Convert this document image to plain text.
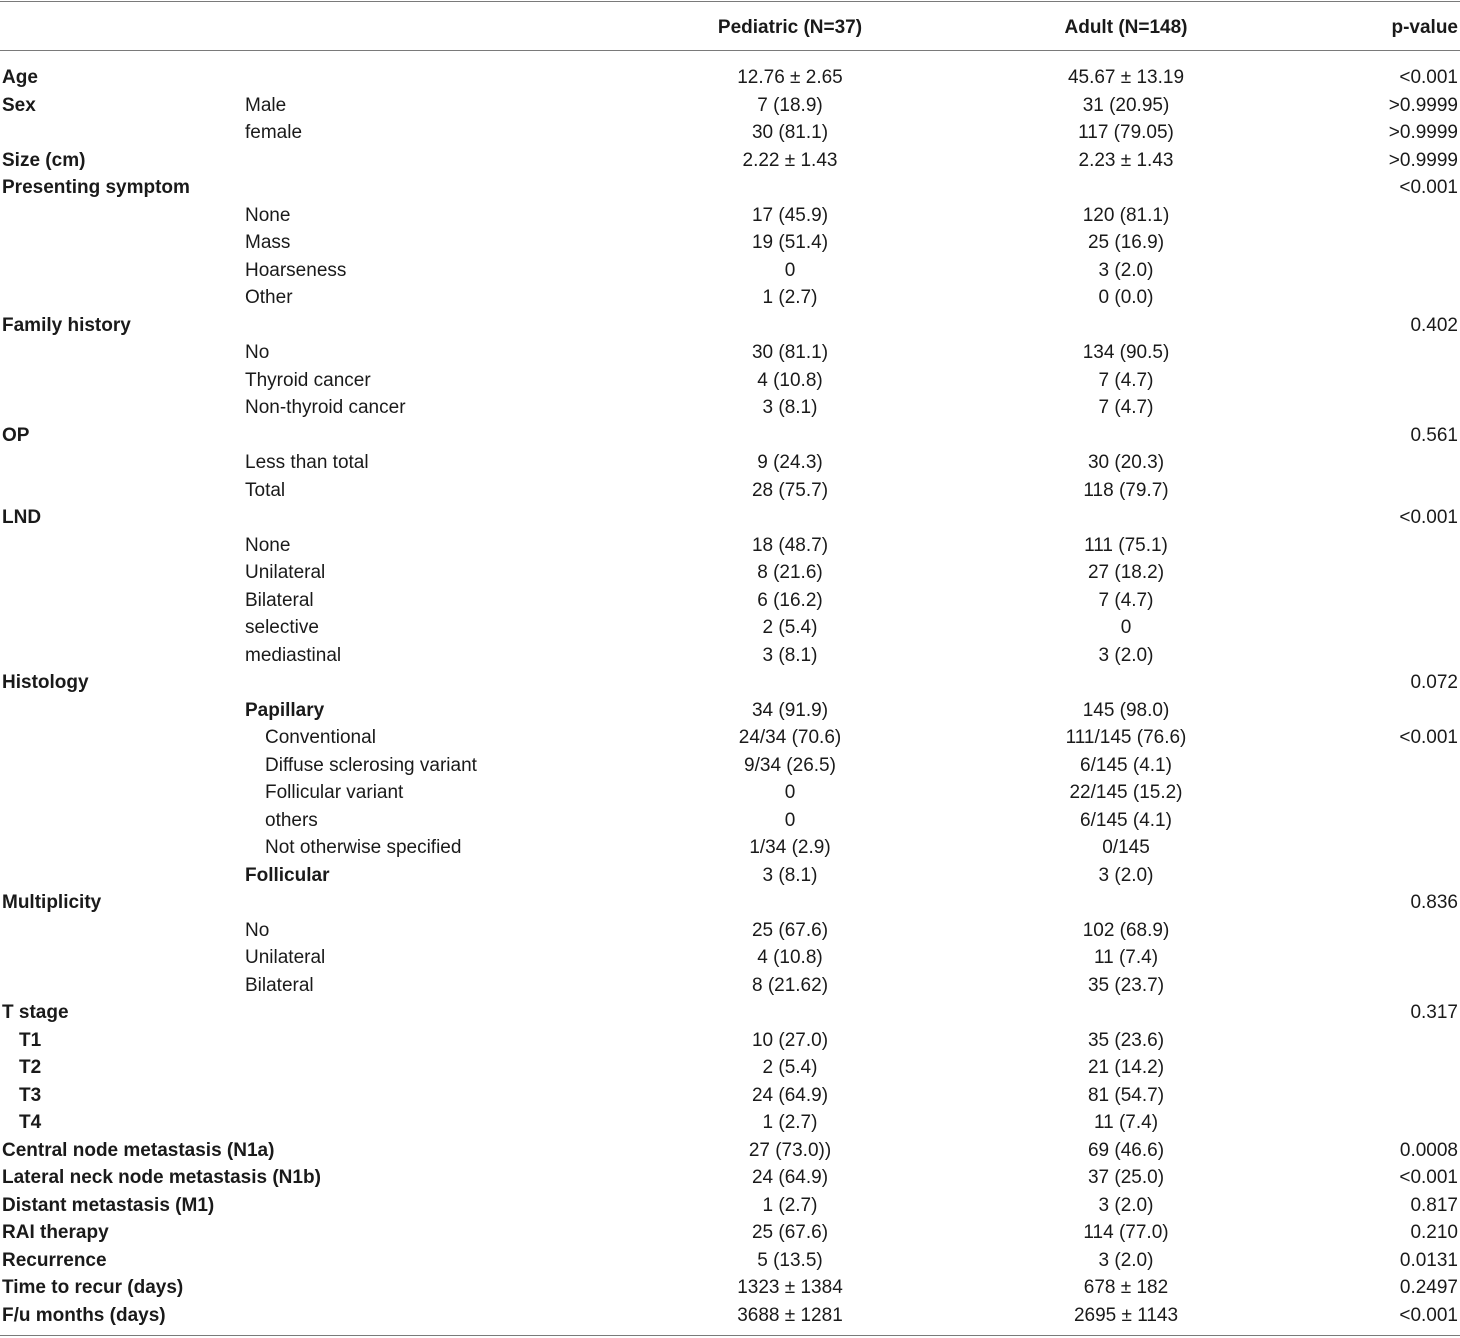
Pediatric (N=37)	Adult (N=148)	p-value
Age	12.76 ± 2.65	45.67 ± 13.19	<0.001
Sex	Male	7 (18.9)	31 (20.95)	>0.9999
female	30 (81.1)	117 (79.05)	>0.9999
Size (cm)	2.22 ± 1.43	2.23 ± 1.43	>0.9999
Presenting symptom	<0.001
None	17 (45.9)	120 (81.1)
Mass	19 (51.4)	25 (16.9)
Hoarseness	0	3 (2.0)
Other	1 (2.7)	0 (0.0)
Family history	0.402
No	30 (81.1)	134 (90.5)
Thyroid cancer	4 (10.8)	7 (4.7)
Non-thyroid cancer	3 (8.1)	7 (4.7)
OP	0.561
Less than total	9 (24.3)	30 (20.3)
Total	28 (75.7)	118 (79.7)
LND	<0.001
None	18 (48.7)	111 (75.1)
Unilateral	8 (21.6)	27 (18.2)
Bilateral	6 (16.2)	7 (4.7)
selective	2 (5.4)	0
mediastinal	3 (8.1)	3 (2.0)
Histology	0.072
Papillary	34 (91.9)	145 (98.0)
Conventional	24/34 (70.6)	111/145 (76.6)	<0.001
Diffuse sclerosing variant	9/34 (26.5)	6/145 (4.1)
Follicular variant	0	22/145 (15.2)
others	0	6/145 (4.1)
Not otherwise specified	1/34 (2.9)	0/145
Follicular	3 (8.1)	3 (2.0)
Multiplicity	0.836
No	25 (67.6)	102 (68.9)
Unilateral	4 (10.8)	11 (7.4)
Bilateral	8 (21.62)	35 (23.7)
T stage	0.317
T1	10 (27.0)	35 (23.6)
T2	2 (5.4)	21 (14.2)
T3	24 (64.9)	81 (54.7)
T4	1 (2.7)	11 (7.4)
Central node metastasis (N1a)	27 (73.0))	69 (46.6)	0.0008
Lateral neck node metastasis (N1b)	24 (64.9)	37 (25.0)	<0.001
Distant metastasis (M1)	1 (2.7)	3 (2.0)	0.817
RAI therapy	25 (67.6)	114 (77.0)	0.210
Recurrence	5 (13.5)	3 (2.0)	0.0131
Time to recur (days)	1323 ± 1384	678 ± 182	0.2497
F/u months (days)	3688 ± 1281	2695 ± 1143	<0.001
